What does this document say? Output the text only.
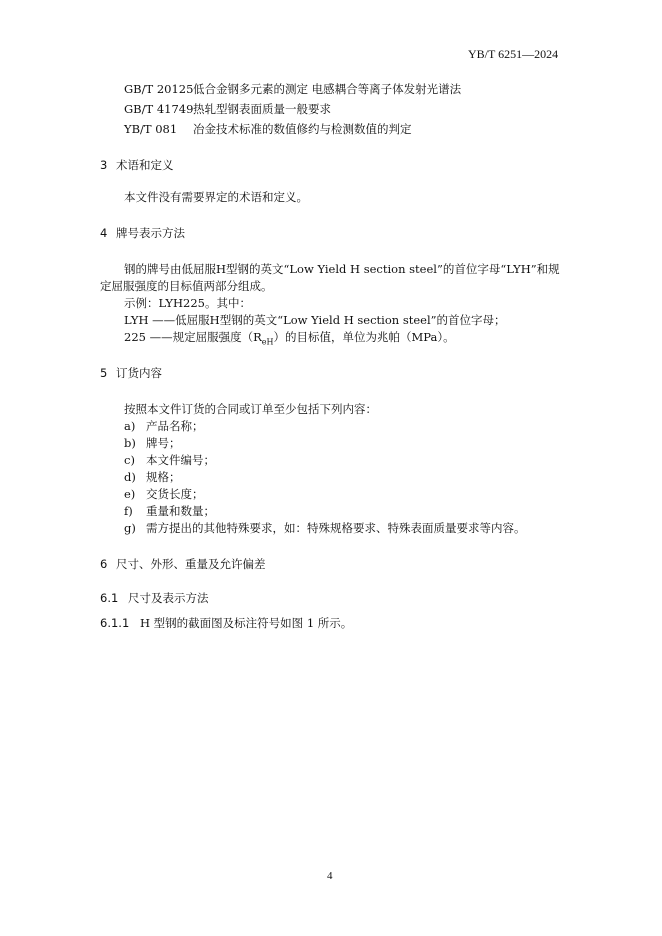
YB/T 6251—2024
GB/T 20125低合金钢多元素的测定 电感耦合等离子体发射光谱法
GB/T 41749热轧型钢表面质量一般要求
YB/T 081 冶金技术标准的数值修约与检测数值的判定
3 术语和定义
本文件没有需要界定的术语和定义。
4 牌号表示方法
钢的牌号由低屈服H型钢的英文“Low Yield H section steel”的首位字母“LYH”和规
定屈服强度的目标值两部分组成。
示例：LYH225。其中：
LYH ——低屈服H型钢的英文“Low Yield H section steel”的首位字母；
225 ——规定屈服强度$(R_{eH})$的目标值，单位为兆帕（MPa）。
5 订货内容
按照本文件订货的合同或订单至少包括下列内容：
a) 产品名称；
b) 牌号；
c) 本文件编号；
d) 规格；
e) 交货长度；
f) 重量和数量；
g) 需方提出的其他特殊要求，如：特殊规格要求、特殊表面质量要求等内容。
6 尺寸、外形、重量及允许偏差
6.1 尺寸及表示方法
6.1.1 H 型钢的截面图及标注符号如图 1 所示。
4
